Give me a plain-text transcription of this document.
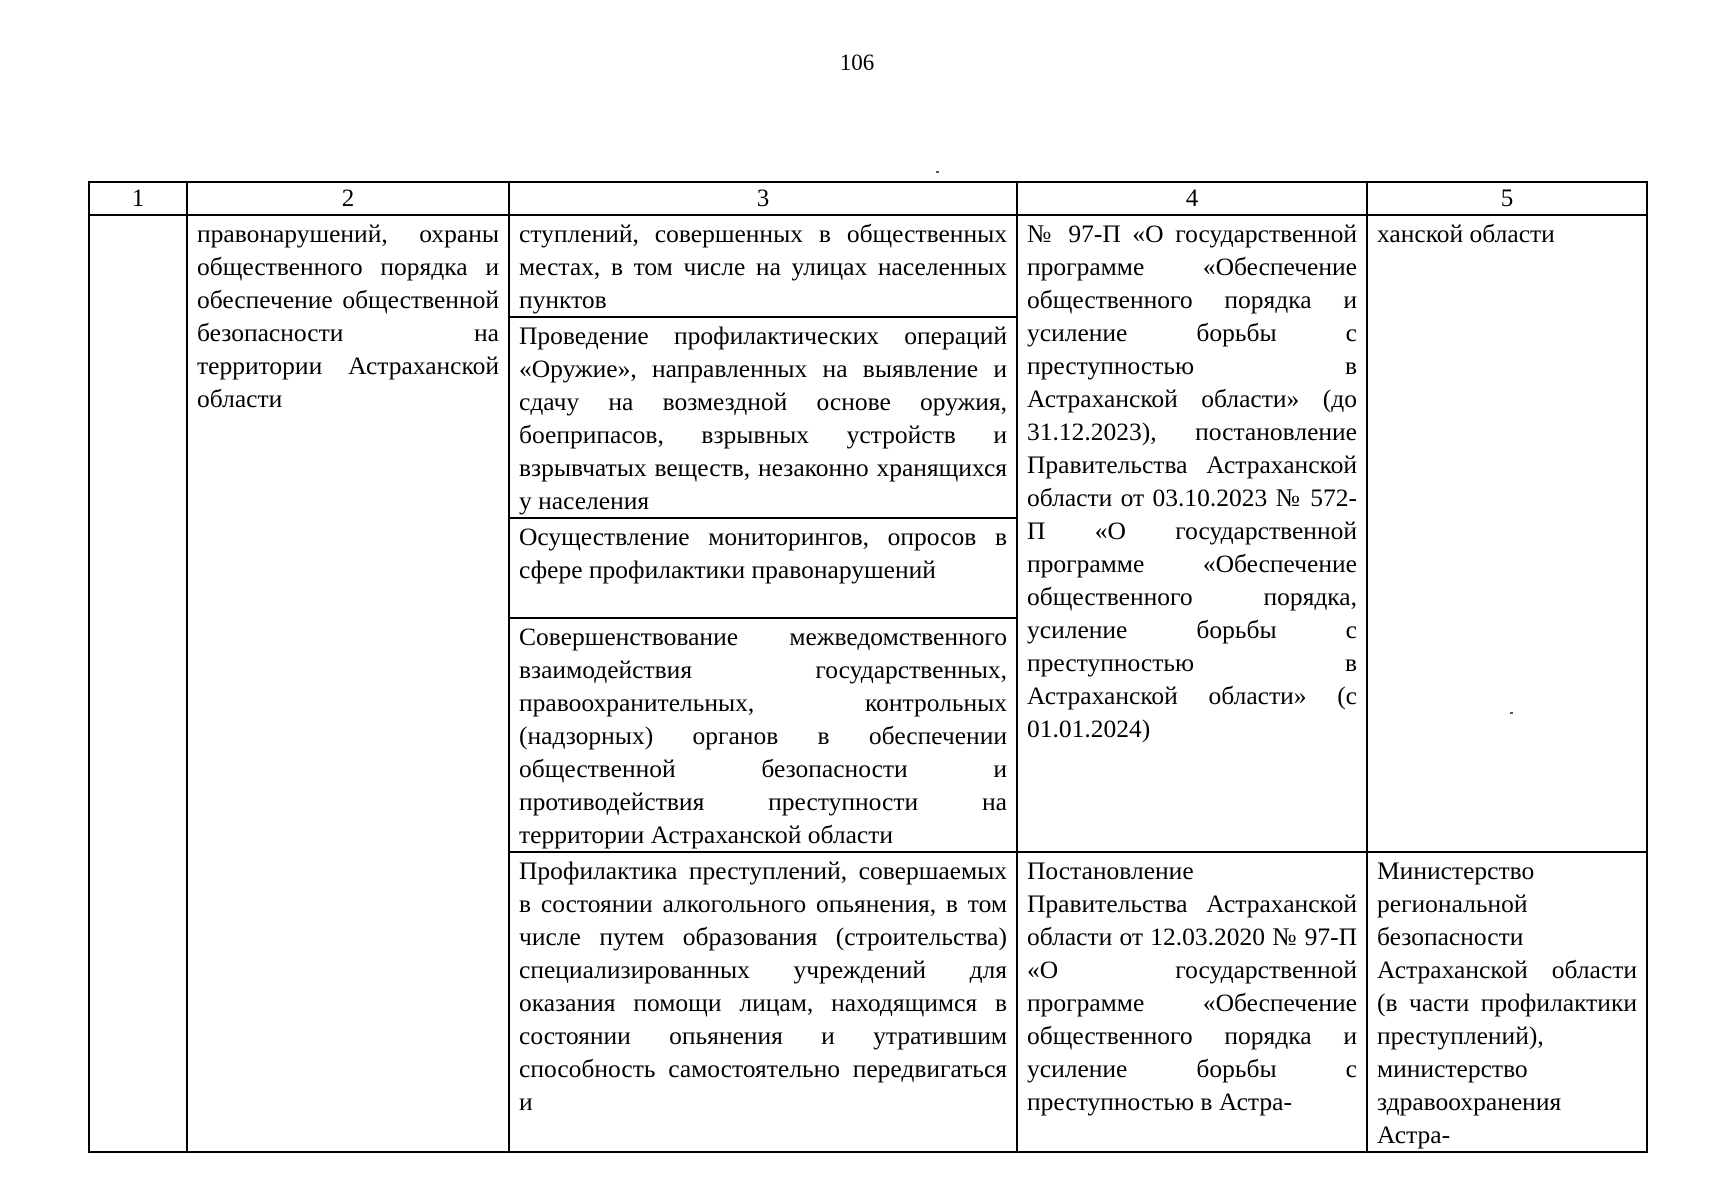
106
1	2	3	4	5

	правонарушений, охраны общественного порядка и обеспечение общественной безопасности на территории Астраханской области	ступлений, совершенных в общественных местах, в том числе на улицах населенных пунктов	№ 97-П «О государственной программе «Обеспечение общественного порядка и усиление борьбы с преступностью в Астраханской области» (до 31.12.2023), постановление Правительства Астраханской области от 03.10.2023 № 572-П «О государственной программе «Обеспечение общественного порядка, усиление борьбы с преступностью в Астраханской области» (с 01.01.2024)	ханской области

		Проведение профилактических операций «Оружие», направленных на выявление и сдачу на возмездной основе оружия, боеприпасов, взрывных устройств и взрывчатых веществ, незаконно хранящихся у населения		

		Осуществление мониторингов, опросов в сфере профилактики правонарушений		

		Совершенствование межведомственного взаимодействия государственных, правоохранительных, контрольных (надзорных) органов в обеспечении общественной безопасности и противодействия преступности на территории Астраханской области		

		Профилактика преступлений, совершаемых в состоянии алкогольного опьянения, в том числе путем образования (строительства) специализированных учреждений для оказания помощи лицам, находящимся в состоянии опьянения и утратившим способность самостоятельно передвигаться и	Постановление Правительства Астраханской области от 12.03.2020 № 97-П «О государственной программе «Обеспечение общественного порядка и усиление борьбы с преступностью в Астра-	Министерство региональной безопасности Астраханской области (в части профилактики преступлений), министерство здравоохранения Астра-
